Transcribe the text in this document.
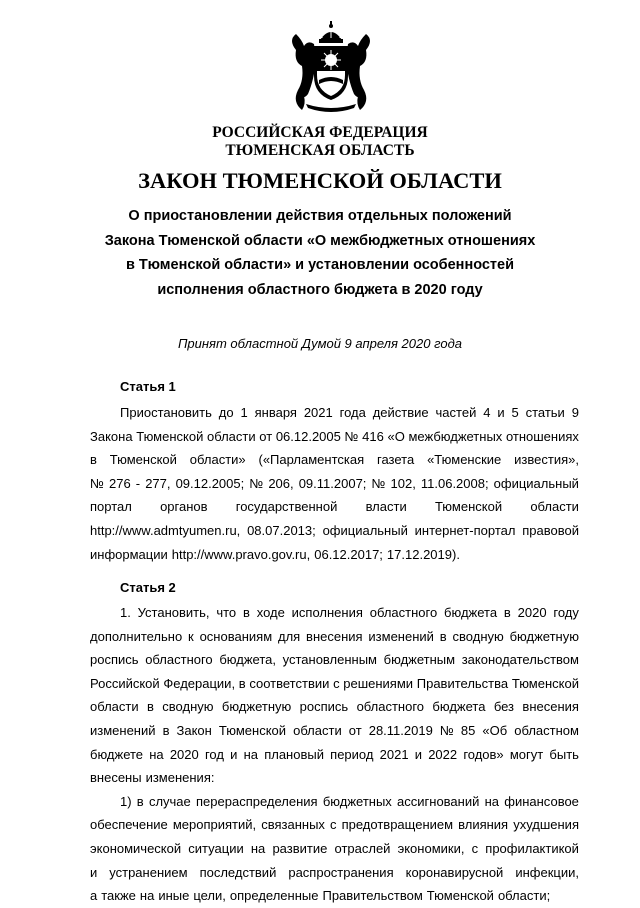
РОССИЙСКАЯ ФЕДЕРАЦИЯ
ТЮМЕНСКАЯ ОБЛАСТЬ
ЗАКОН ТЮМЕНСКОЙ ОБЛАСТИ
О приостановлении действия отдельных положений
Закона Тюменской области «О межбюджетных отношениях
в Тюменской области» и установлении особенностей
исполнения областного бюджета в 2020 году
Принят областной Думой 9 апреля 2020 года
Статья 1
Приостановить до 1 января 2021 года действие частей 4 и 5 статьи 9
Закона Тюменской области от 06.12.2005 № 416 «О межбюджетных отношениях
в Тюменской области» («Парламентская газета «Тюменские известия»,
№ 276 - 277, 09.12.2005; № 206, 09.11.2007; № 102, 11.06.2008; официальный
портал органов государственной власти Тюменской области
http://www.admtyumen.ru, 08.07.2013; официальный интернет-портал правовой
информации http://www.pravo.gov.ru, 06.12.2017; 17.12.2019).
Статья 2
1. Установить, что в ходе исполнения областного бюджета в 2020 году
дополнительно к основаниям для внесения изменений в сводную бюджетную
роспись областного бюджета, установленным бюджетным законодательством
Российской Федерации, в соответствии с решениями Правительства Тюменской
области в сводную бюджетную роспись областного бюджета без внесения
изменений в Закон Тюменской области от 28.11.2019 № 85 «Об областном
бюджете на 2020 год и на плановый период 2021 и 2022 годов» могут быть
внесены изменения:
1) в случае перераспределения бюджетных ассигнований на финансовое
обеспечение мероприятий, связанных с предотвращением влияния ухудшения
экономической ситуации на развитие отраслей экономики, с профилактикой
и устранением последствий распространения коронавирусной инфекции,
а также на иные цели, определенные Правительством Тюменской области;
